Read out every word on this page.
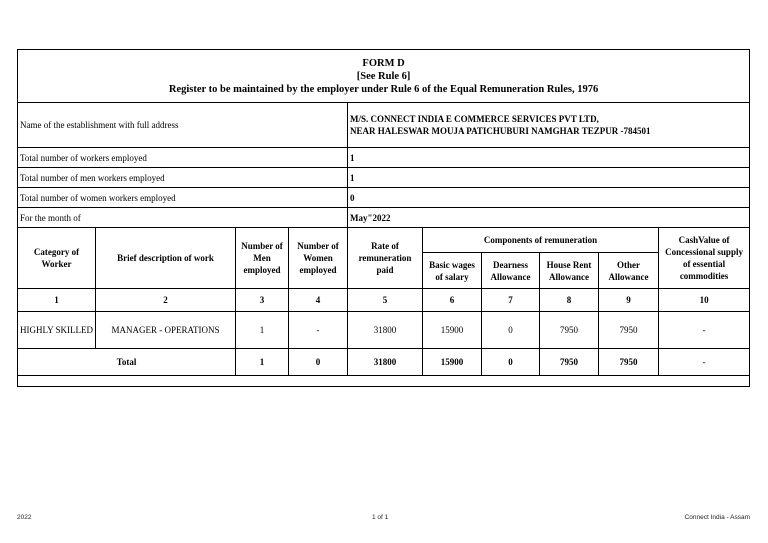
FORM D
[See Rule 6]
Register to be maintained by the employer under Rule 6 of the Equal Remuneration Rules, 1976									

Name of the establishment with full address				M/S. CONNECT INDIA E COMMERCE SERVICES PVT LTD,
NEAR HALESWAR MOUJA PATICHUBURI NAMGHAR TEZPUR -784501					

Total number of workers employed				1					
Total number of men workers employed				1					
Total number of women workers employed				0					
For the month of				May"2022					
Category of Worker	Brief description of work	Number of Men employed	Number of Women employed	Rate of remuneration paid	Components of remuneration				CashValue of Concessional supply of essential commodities
					Basic wages of salary	Dearness Allowance	House Rent Allowance	Other Allowance	
1	2	3	4	5	6	7	8	9	10
HIGHLY SKILLED	MANAGER - OPERATIONS	1	-	31800	15900	0	7950	7950	-
Total		1	0	31800	15900	0	7950	7950	-

2022	1 of 1	Connect India - Assam
